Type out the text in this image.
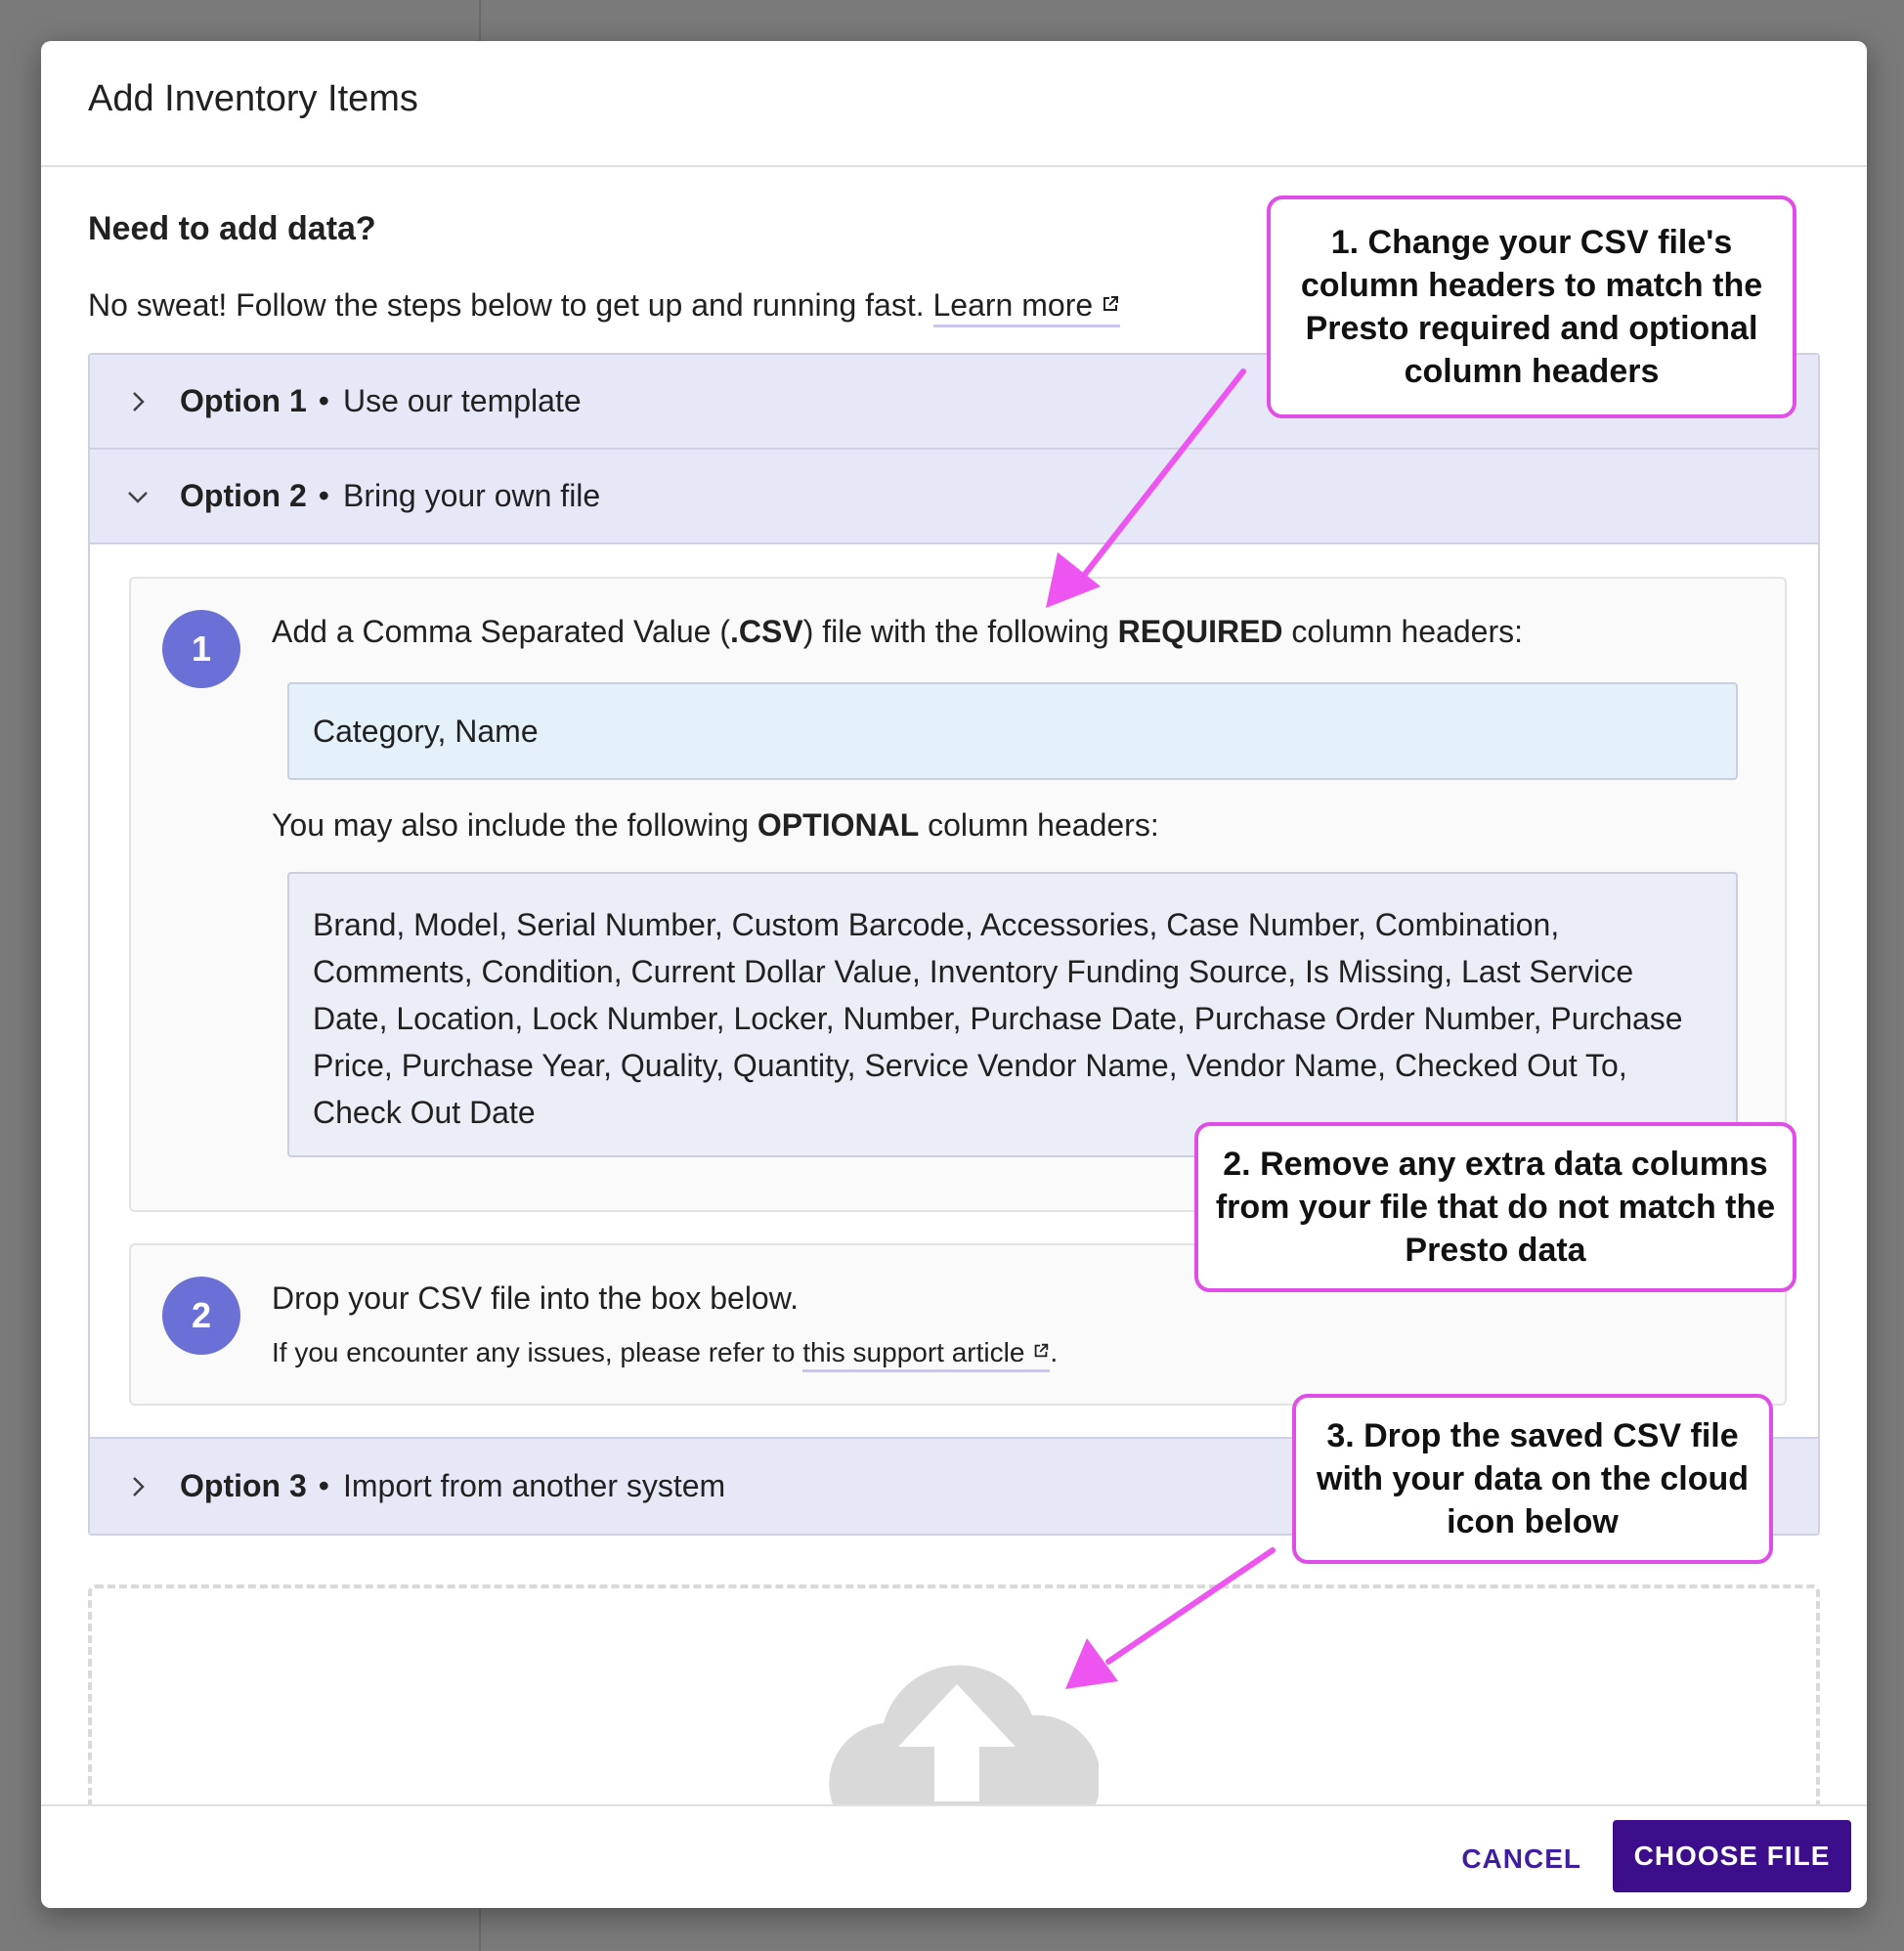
Add Inventory Items
Need to add data?
No sweat! Follow the steps below to get up and running fast. Learn more
Option 1 • Use our template
Option 2 • Bring your own file
1	Add a Comma Separated Value (.CSV) file with the following REQUIRED column headers:
Category, Name
You may also include the following OPTIONAL column headers:
Brand, Model, Serial Number, Custom Barcode, Accessories, Case Number, Combination, Comments, Condition, Current Dollar Value, Inventory Funding Source, Is Missing, Last Service Date, Location, Lock Number, Locker, Number, Purchase Date, Purchase Order Number, Purchase Price, Purchase Year, Quality, Quantity, Service Vendor Name, Vendor Name, Checked Out To, Check Out Date
2	Drop your CSV file into the box below.
If you encounter any issues, please refer to this support article .
Option 3 • Import from another system
CANCEL	CHOOSE FILE
1. Change your CSV file's column headers to match the Presto required and optional column headers
2. Remove any extra data columns from your file that do not match the Presto data
3. Drop the saved CSV file with your data on the cloud icon below
